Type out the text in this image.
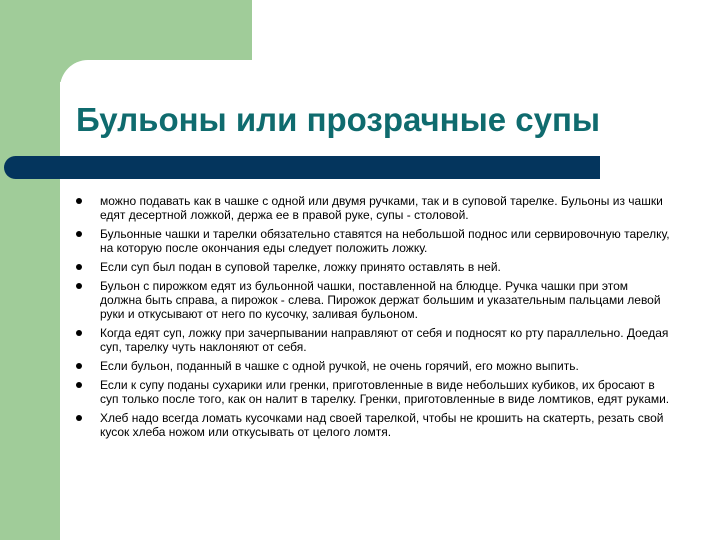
Бульоны или прозрачные супы
можно подавать как в чашке с одной или двумя ручками, так и в суповой тарелке. Бульоны из чашки едят десертной ложкой, держа ее в правой руке, супы - столовой.
Бульонные чашки и тарелки обязательно ставятся на небольшой поднос или сервировочную тарелку, на которую после окончания еды следует положить ложку.
Если суп был подан в суповой тарелке, ложку принято оставлять в ней.
Бульон с пирожком едят из бульонной чашки, поставленной на блюдце. Ручка чашки при этом должна быть справа, а пирожок - слева. Пирожок держат большим и указательным пальцами левой руки и откусывают от него по кусочку, заливая бульоном.
Когда едят суп, ложку при зачерпывании направляют от себя и подносят ко рту параллельно. Доедая суп, тарелку чуть наклоняют от себя.
Если бульон, поданный в чашке с одной ручкой, не очень горячий, его можно выпить.
Если к супу поданы сухарики или гренки, приготовленные в виде небольших кубиков, их бросают в суп только после того, как он налит в тарелку. Гренки, приготовленные в виде ломтиков, едят руками.
Хлеб надо всегда ломать кусочками над своей тарелкой, чтобы не крошить на скатерть, резать свой кусок хлеба ножом или откусывать от целого ломтя.
